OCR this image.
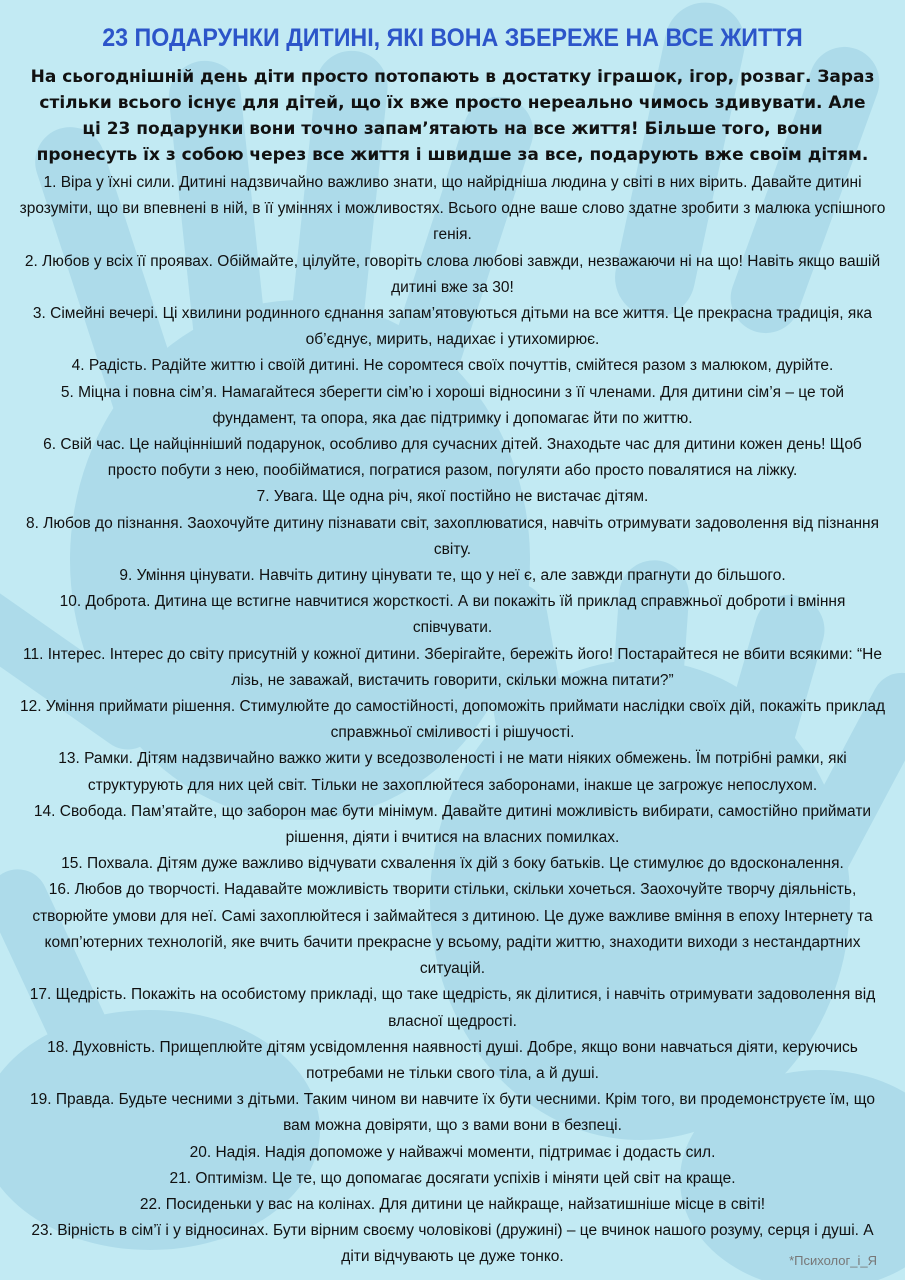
23 ПОДАРУНКИ ДИТИНІ, ЯКІ ВОНА ЗБЕРЕЖЕ НА ВСЕ ЖИТТЯ

На сьогоднішній день діти просто потопають в достатку іграшок, ігор, розваг. Зараз стільки всього існує для дітей, що їх вже просто нереально чимось здивувати. Але ці 23 подарунки вони точно запам’ятають на все життя! Більше того, вони пронесуть їх з собою через все життя і швидше за все, подарують вже своїм дітям.

1. Віра у їхні сили. Дитині надзвичайно важливо знати, що найрідніша людина у світі в них вірить. Давайте дитині зрозуміти, що ви впевнені в ній, в її уміннях і можливостях. Всього одне ваше слово здатне зробити з малюка успішного генія.
2. Любов у всіх її проявах. Обіймайте, цілуйте, говоріть слова любові завжди, незважаючи ні на що! Навіть якщо вашій дитині вже за 30!
3. Сімейні вечері. Ці хвилини родинного єднання запам’ятовуються дітьми на все життя. Це прекрасна традиція, яка об’єднує, мирить, надихає і утихомирює.
4. Радість. Радійте життю і своїй дитині. Не соромтеся своїх почуттів, смійтеся разом з малюком, дурійте.
5. Міцна і повна сім’я. Намагайтеся зберегти сім’ю і хороші відносини з її членами. Для дитини сім’я – це той фундамент, та опора, яка дає підтримку і допомагає йти по життю.
6. Свій час. Це найцінніший подарунок, особливо для сучасних дітей. Знаходьте час для дитини кожен день! Щоб просто побути з нею, пообійматися, погратися разом, погуляти або просто повалятися на ліжку.
7. Увага. Ще одна річ, якої постійно не вистачає дітям.
8. Любов до пізнання. Заохочуйте дитину пізнавати світ, захоплюватися, навчіть отримувати задоволення від пізнання світу.
9. Уміння цінувати. Навчіть дитину цінувати те, що у неї є, але завжди прагнути до більшого.
10. Доброта. Дитина ще встигне навчитися жорсткості. А ви покажіть їй приклад справжньої доброти і вміння співчувати.
11. Інтерес. Інтерес до світу присутній у кожної дитини. Зберігайте, бережіть його! Постарайтеся не вбити всякими: “Не лізь, не заважай, вистачить говорити, скільки можна питати?”
12. Уміння приймати рішення. Стимулюйте до самостійності, допоможіть приймати наслідки своїх дій, покажіть приклад справжньої сміливості і рішучості.
13. Рамки. Дітям надзвичайно важко жити у вседозволеності і не мати ніяких обмежень. Їм потрібні рамки, які структурують для них цей світ. Тільки не захоплюйтеся заборонами, інакше це загрожує непослухом.
14. Свобода. Пам’ятайте, що заборон має бути мінімум. Давайте дитині можливість вибирати, самостійно приймати рішення, діяти і вчитися на власних помилках.
15. Похвала. Дітям дуже важливо відчувати схвалення їх дій з боку батьків. Це стимулює до вдосконалення.
16. Любов до творчості. Надавайте можливість творити стільки, скільки хочеться. Заохочуйте творчу діяльність, створюйте умови для неї. Самі захоплюйтеся і займайтеся з дитиною. Це дуже важливе вміння в епоху Інтернету та комп’ютерних технологій, яке вчить бачити прекрасне у всьому, радіти життю, знаходити виходи з нестандартних ситуацій.
17. Щедрість. Покажіть на особистому прикладі, що таке щедрість, як ділитися, і навчіть отримувати задоволення від власної щедрості.
18. Духовність. Прищеплюйте дітям усвідомлення наявності душі. Добре, якщо вони навчаться діяти, керуючись потребами не тільки свого тіла, а й душі.
19. Правда. Будьте чесними з дітьми. Таким чином ви навчите їх бути чесними. Крім того, ви продемонструєте їм, що вам можна довіряти, що з вами вони в безпеці.
20. Надія. Надія допоможе у найважчі моменти, підтримає і додасть сил.
21. Оптимізм. Це те, що допомагає досягати успіхів і міняти цей світ на краще.
22. Посиденьки у вас на колінах. Для дитини це найкраще, найзатишніше місце в світі!
23. Вірність в сім’ї і у відносинах. Бути вірним своєму чоловікові (дружині) – це вчинок нашого розуму, серця і душі. А діти відчувають це дуже тонко.	*Психолог_і_Я
